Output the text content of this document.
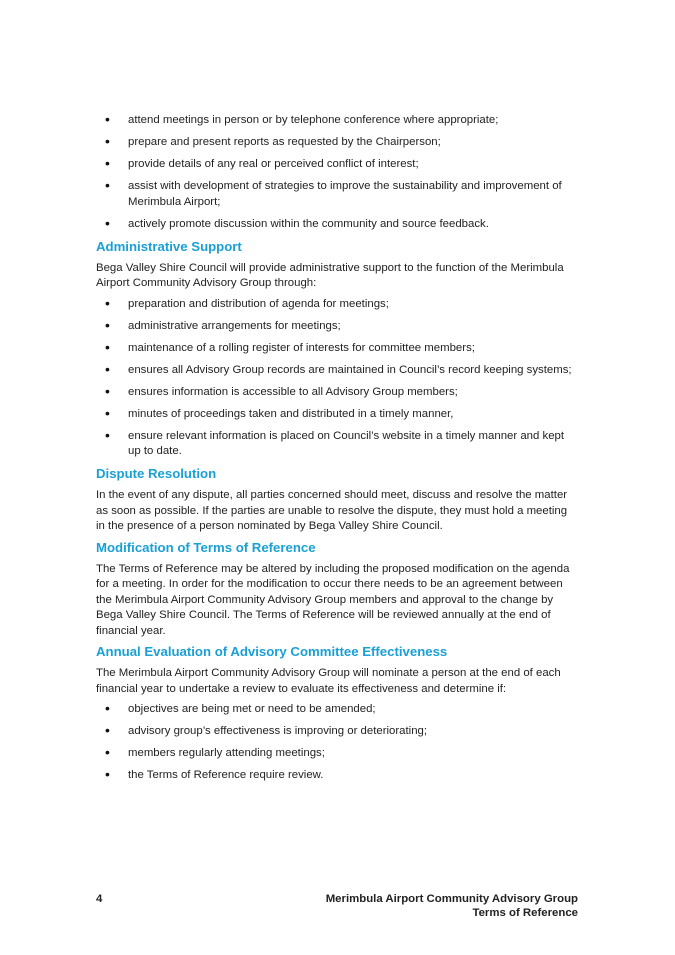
• attend meetings in person or by telephone conference where appropriate;
• prepare and present reports as requested by the Chairperson;
• provide details of any real or perceived conflict of interest;
• assist with development of strategies to improve the sustainability and improvement of Merimbula Airport;
• actively promote discussion within the community and source feedback.
Administrative Support

Bega Valley Shire Council will provide administrative support to the function of the Merimbula Airport Community Advisory Group through:

• preparation and distribution of agenda for meetings;
• administrative arrangements for meetings;
• maintenance of a rolling register of interests for committee members;
• ensures all Advisory Group records are maintained in Council’s record keeping systems;
• ensures information is accessible to all Advisory Group members;
• minutes of proceedings taken and distributed in a timely manner,
• ensure relevant information is placed on Council’s website in a timely manner and kept up to date.
Dispute Resolution

In the event of any dispute, all parties concerned should meet, discuss and resolve the matter as soon as possible. If the parties are unable to resolve the dispute, they must hold a meeting in the presence of a person nominated by Bega Valley Shire Council.

Modification of Terms of Reference

The Terms of Reference may be altered by including the proposed modification on the agenda for a meeting. In order for the modification to occur there needs to be an agreement between the Merimbula Airport Community Advisory Group members and approval to the change by Bega Valley Shire Council. The Terms of Reference will be reviewed annually at the end of financial year.

Annual Evaluation of Advisory Committee Effectiveness

The Merimbula Airport Community Advisory Group will nominate a person at the end of each financial year to undertake a review to evaluate its effectiveness and determine if:

• objectives are being met or need to be amended;
• advisory group’s effectiveness is improving or deteriorating;
• members regularly attending meetings;
• the Terms of Reference require review.
4	Merimbula Airport Community Advisory Group
Terms of Reference
